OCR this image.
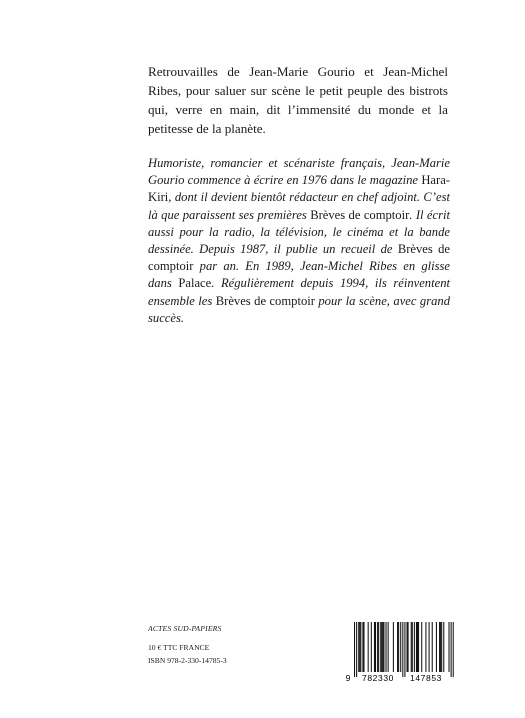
Retrouvailles de Jean-Marie Gourio et Jean-Michel Ribes, pour saluer sur scène le petit peuple des bistrots qui, verre en main, dit l’immensité du monde et la petitesse de la planète.

Humoriste, romancier et scénariste français, Jean-Marie Gourio commence à écrire en 1976 dans le magazine Hara-Kiri, dont il devient bientôt rédacteur en chef adjoint. C’est là que paraissent ses premières Brèves de comptoir. Il écrit aussi pour la radio, la télévision, le cinéma et la bande dessinée. Depuis 1987, il publie un recueil de Brèves de comptoir par an. En 1989, Jean-Michel Ribes en glisse dans Palace. Régulièrement depuis 1994, ils réinventent ensemble les Brèves de comptoir pour la scène, avec grand succès.

ACTES SUD-PAPIERS

10 € TTC FRANCE

ISBN 978-2-330-14785-3

9 782330 147853
